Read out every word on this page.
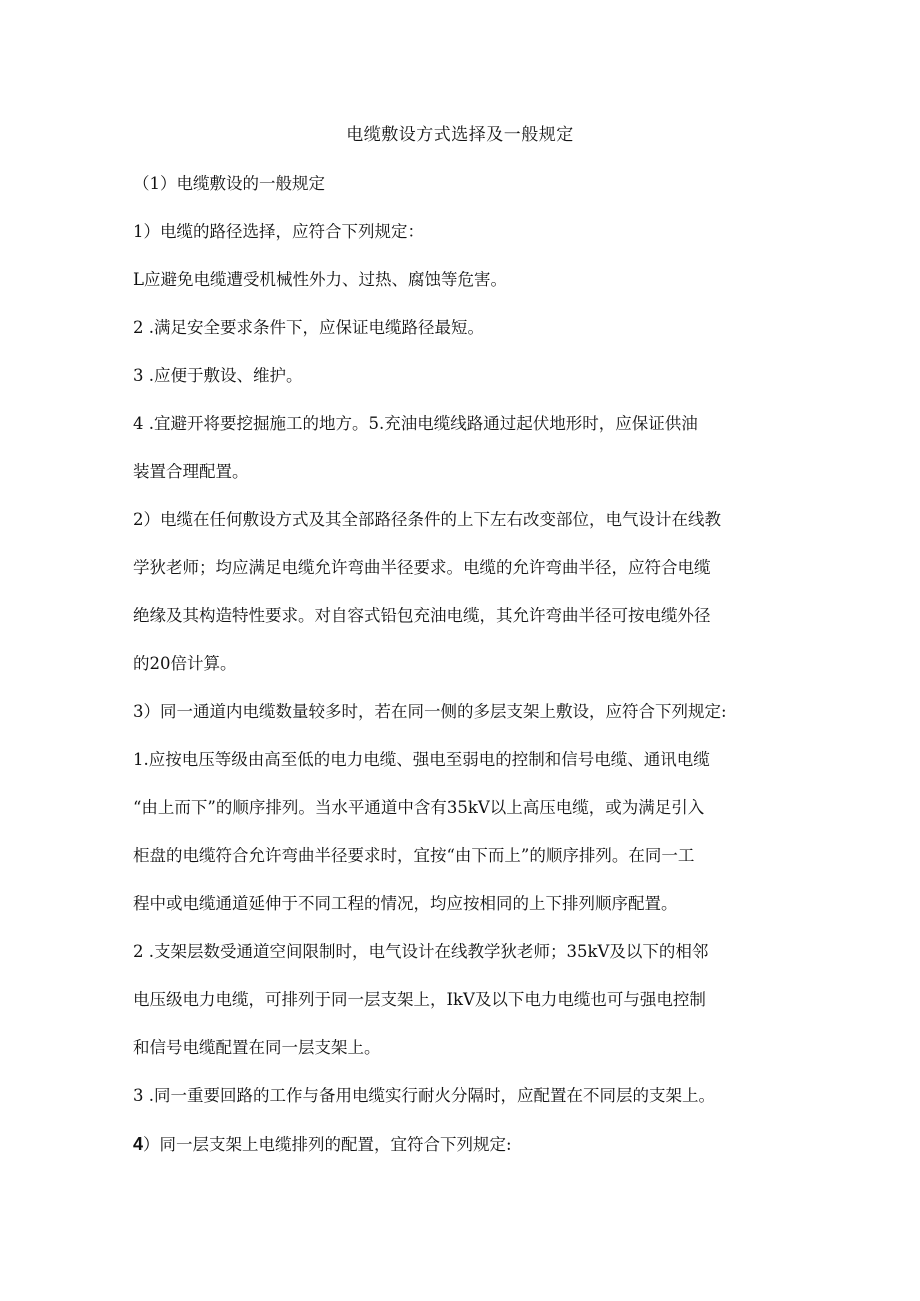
电缆敷设方式选择及一般规定

（1）电缆敷设的一般规定

1）电缆的路径选择，应符合下列规定：

L应避免电缆遭受机械性外力、过热、腐蚀等危害。

2 .满足安全要求条件下，应保证电缆路径最短。

3 .应便于敷设、维护。

4 .宜避开将要挖掘施工的地方。5.充油电缆线路通过起伏地形时，应保证供油

装置合理配置。

2）电缆在任何敷设方式及其全部路径条件的上下左右改变部位，电气设计在线教

学狄老师；均应满足电缆允许弯曲半径要求。电缆的允许弯曲半径，应符合电缆

绝缘及其构造特性要求。对自容式铅包充油电缆，其允许弯曲半径可按电缆外径

的20倍计算。

3）同一通道内电缆数量较多时，若在同一侧的多层支架上敷设，应符合下列规定:

1.应按电压等级由高至低的电力电缆、强电至弱电的控制和信号电缆、通讯电缆

“由上而下”的顺序排列。当水平通道中含有35kV以上高压电缆，或为满足引入

柜盘的电缆符合允许弯曲半径要求时，宜按“由下而上”的顺序排列。在同一工

程中或电缆通道延伸于不同工程的情况，均应按相同的上下排列顺序配置。

2 .支架层数受通道空间限制时，电气设计在线教学狄老师；35kV及以下的相邻

电压级电力电缆，可排列于同一层支架上，IkV及以下电力电缆也可与强电控制

和信号电缆配置在同一层支架上。

3 .同一重要回路的工作与备用电缆实行耐火分隔时，应配置在不同层的支架上。

4）同一层支架上电缆排列的配置，宜符合下列规定:
